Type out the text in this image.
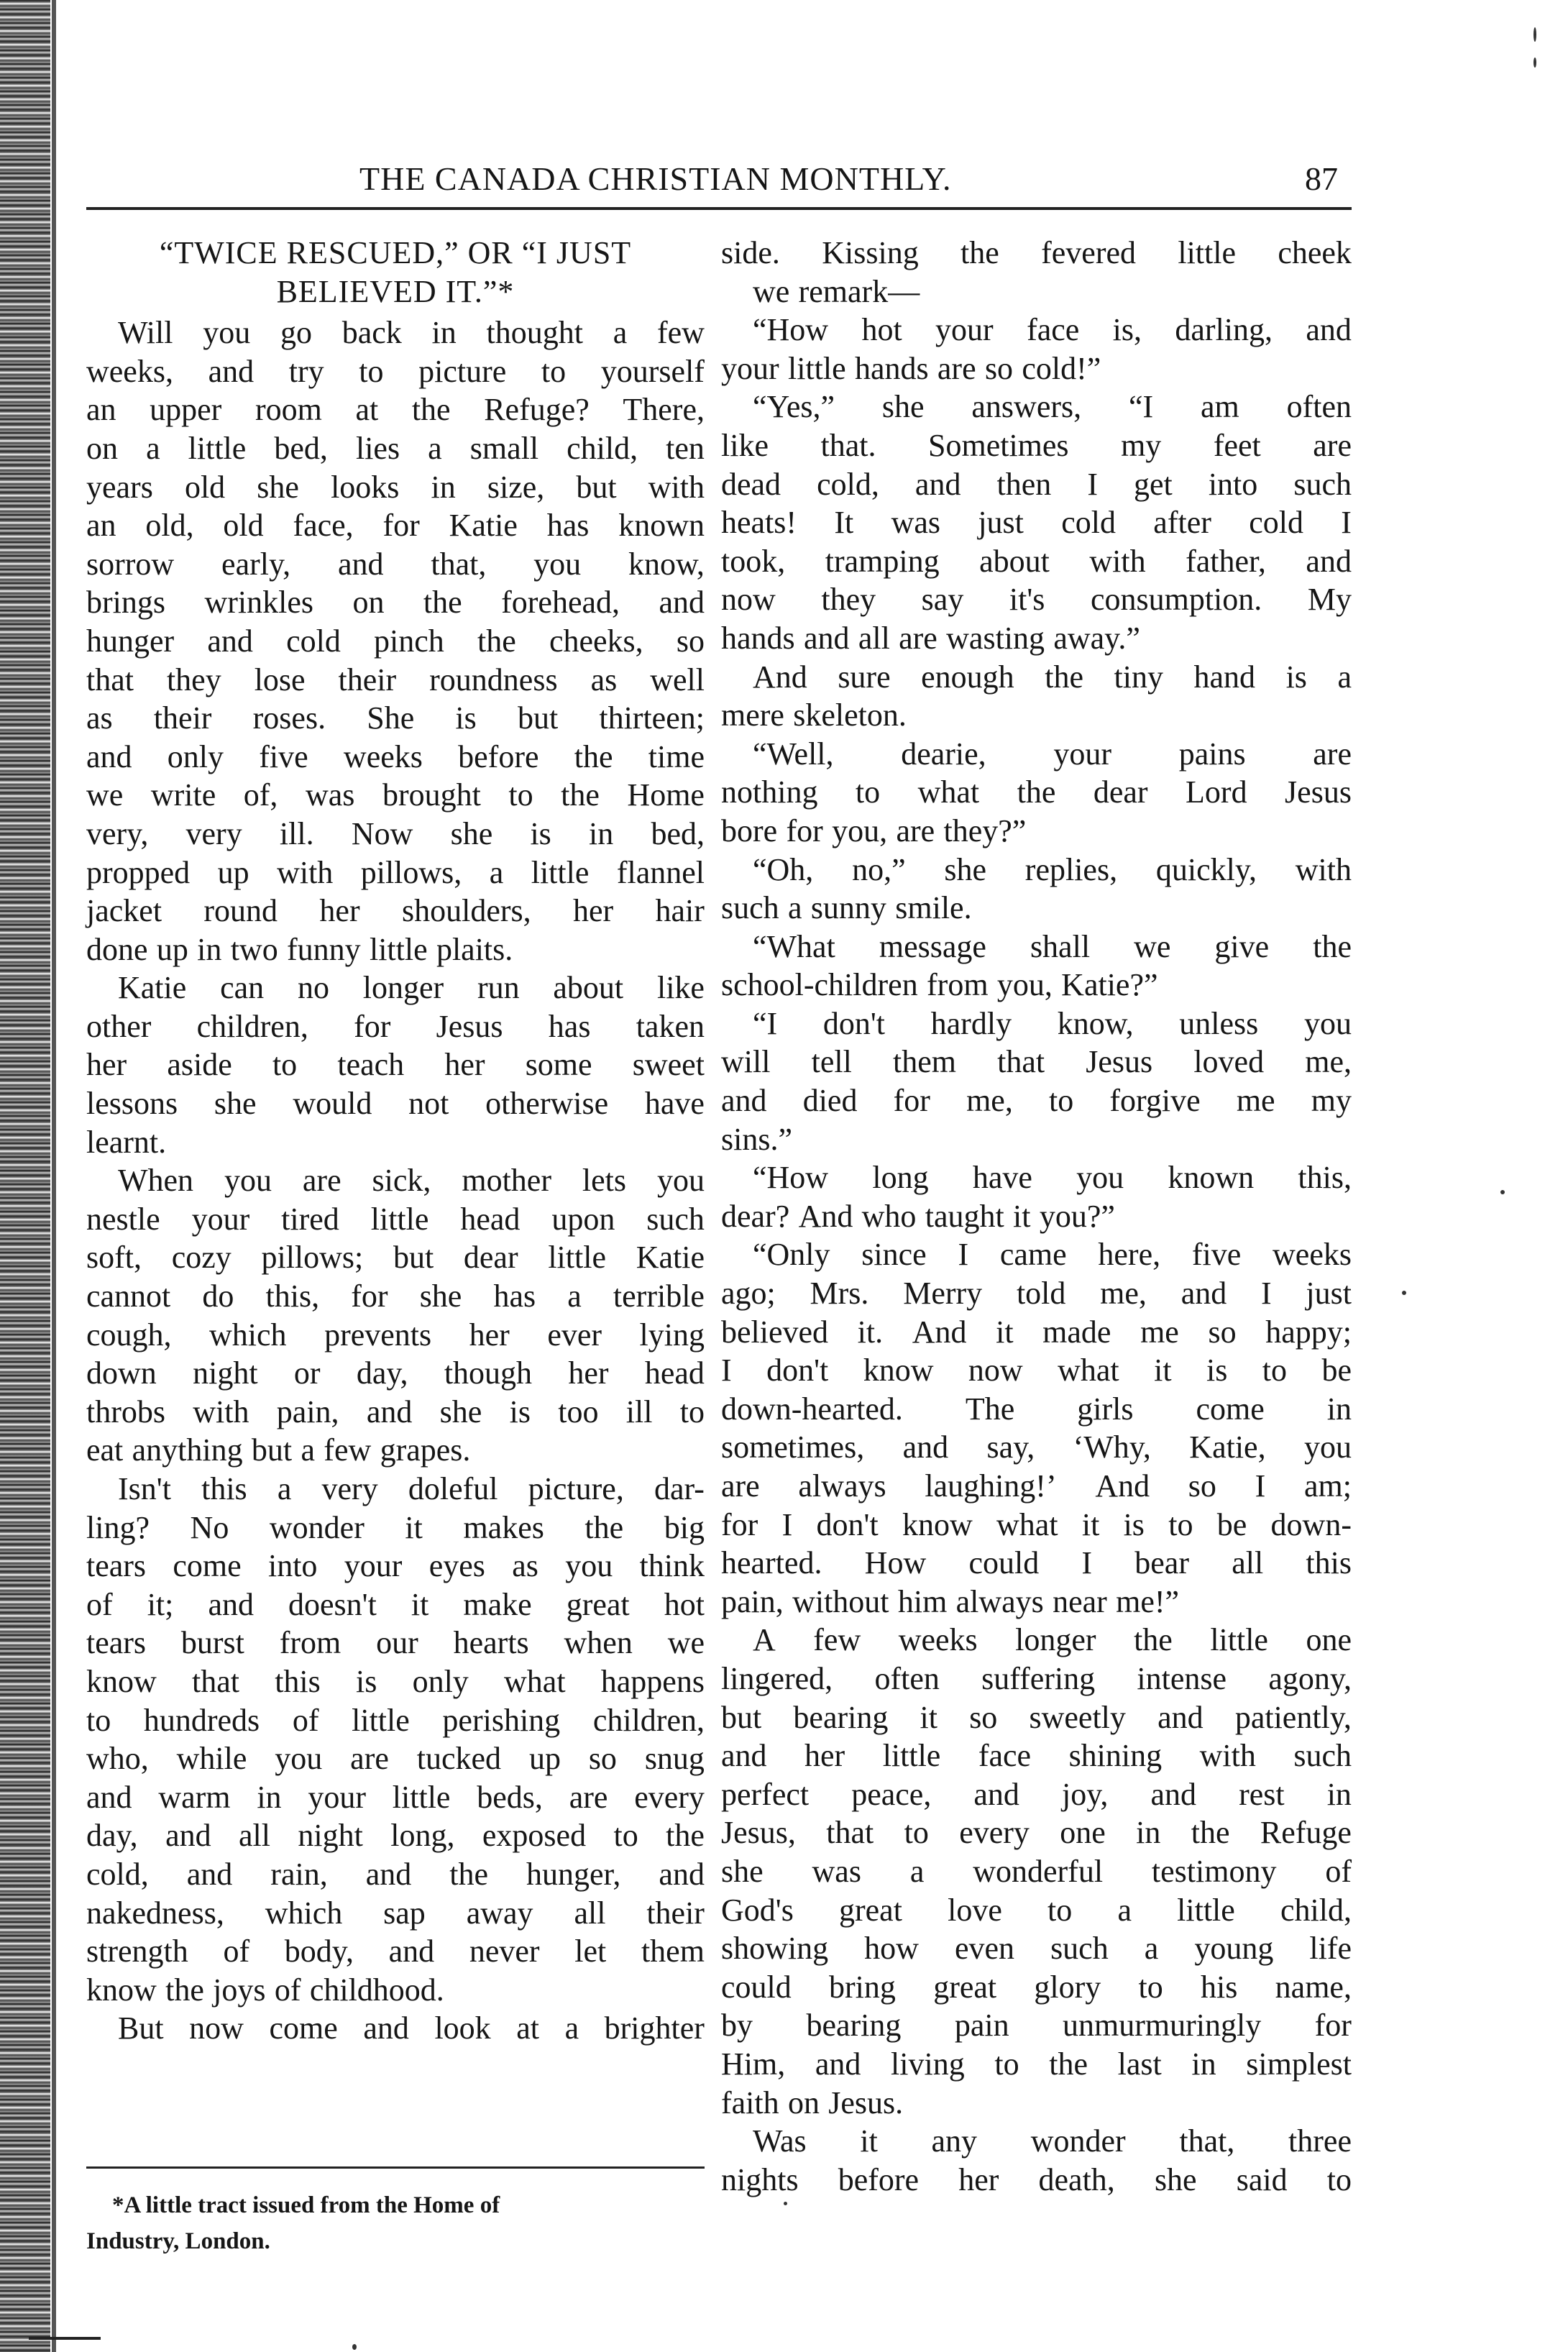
THE CANADA CHRISTIAN MONTHLY.	87
“TWICE RESCUED,” OR “I JUST
BELIEVED IT.”*
Will you go back in thought a few
weeks, and try to picture to yourself
an upper room at the Refuge? There,
on a little bed, lies a small child, ten
years old she looks in size, but with
an old, old face, for Katie has known
sorrow early, and that, you know,
brings wrinkles on the forehead, and
hunger and cold pinch the cheeks, so
that they lose their roundness as well
as their roses. She is but thirteen;
and only five weeks before the time
we write of, was brought to the Home
very, very ill. Now she is in bed,
propped up with pillows, a little flannel
jacket round her shoulders, her hair
done up in two funny little plaits.
Katie can no longer run about like
other children, for Jesus has taken
her aside to teach her some sweet
lessons she would not otherwise have
learnt.
When you are sick, mother lets you
nestle your tired little head upon such
soft, cozy pillows; but dear little Katie
cannot do this, for she has a terrible
cough, which prevents her ever lying
down night or day, though her head
throbs with pain, and she is too ill to
eat anything but a few grapes.
Isn't this a very doleful picture, dar-
ling? No wonder it makes the big
tears come into your eyes as you think
of it; and doesn't it make great hot
tears burst from our hearts when we
know that this is only what happens
to hundreds of little perishing children,
who, while you are tucked up so snug
and warm in your little beds, are every
day, and all night long, exposed to the
cold, and rain, and the hunger, and
nakedness, which sap away all their
strength of body, and never let them
know the joys of childhood.
But now come and look at a brighter
side. Kissing the fevered little cheek
we remark—
“How hot your face is, darling, and
your little hands are so cold!”
“Yes,” she answers, “I am often
like that. Sometimes my feet are
dead cold, and then I get into such
heats! It was just cold after cold I
took, tramping about with father, and
now they say it's consumption. My
hands and all are wasting away.”
And sure enough the tiny hand is a
mere skeleton.
“Well, dearie, your pains are
nothing to what the dear Lord Jesus
bore for you, are they?”
“Oh, no,” she replies, quickly, with
such a sunny smile.
“What message shall we give the
school-children from you, Katie?”
“I don't hardly know, unless you
will tell them that Jesus loved me,
and died for me, to forgive me my
sins.”
“How long have you known this,
dear? And who taught it you?”
“Only since I came here, five weeks
ago; Mrs. Merry told me, and I just
believed it. And it made me so happy;
I don't know now what it is to be
down-hearted. The girls come in
sometimes, and say, ‘Why, Katie, you
are always laughing!’ And so I am;
for I don't know what it is to be down-
hearted. How could I bear all this
pain, without him always near me!”
A few weeks longer the little one
lingered, often suffering intense agony,
but bearing it so sweetly and patiently,
and her little face shining with such
perfect peace, and joy, and rest in
Jesus, that to every one in the Refuge
she was a wonderful testimony of
God's great love to a little child,
showing how even such a young life
could bring great glory to his name,
by bearing pain unmurmuringly for
Him, and living to the last in simplest
faith on Jesus.
Was it any wonder that, three
nights before her death, she said to
*A little tract issued from the Home of
Industry, London.
